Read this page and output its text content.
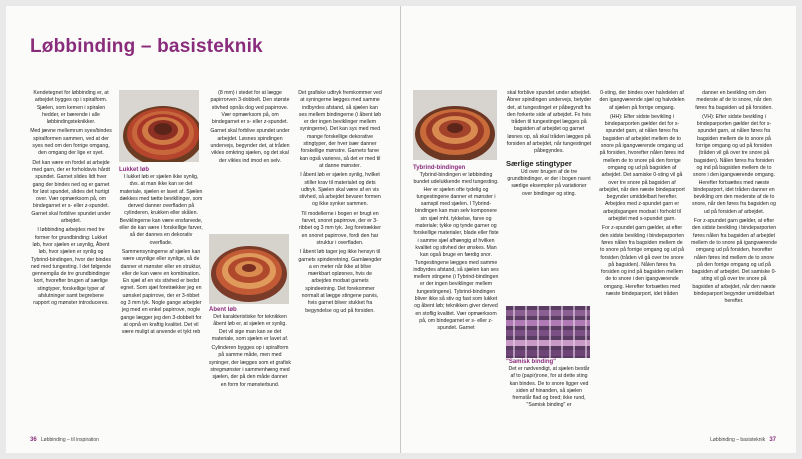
Løbbinding – basisteknik

Kendetegnet for løbbinding er, at arbejdet bygges op i spiralform. Sjælen, som kernen i spiralen hedder, er bærende i alle løbbindingsteknikker.

Med jævne mellemrum syes/bindes spiralformen sammen, ved at der syes ned om den forrige omgang, den omgang der lige er syet.

Det kan være en fordel at arbejde med garn, der er forholdsvis hårdt spundet. Garnet slides lidt hver gang der bindes ned og er garnet for løst spundet, slides det hurtigt over. Vær opmærksom på, om bindegarnet er s- eller z-spundet. Garnet skal forblive spundet under arbejdet.

I løbbinding arbejdes med tre former for grundbinding: Lukket løb, hvor sjælen er usynlig, Åbent løb, hvor sjælen er synlig og Tybrind-bindingen, hvor der bindes ned med tungesting. I det følgende gennemgås de tre grundbindinger kort, hvorefter brugen af særlige stingtyper, forskellige typer af afslutninger samt begrebene rapport og mønster introduceres.

Lukket løb

I lukket løb er sjælen ikke synlig, dvs. at man ikke kan se det materiale, sjælen er lavet af. Sjælen dækkes med tætte bevikllinger, som derved danner overfladen på cylinderen, krukken eller skålen. Beviklingerne kan være ensfarvede, eller de kan være i forskellige farver, så der dannes en dekorativ overflade.

Sammensyningerne af sjælen kan være usynlige eller synlige, så de danner et mønster eller en struktur, eller de kan være en kombination. En sjæl af en vis stivhed er bedst egnet. Som sjæl foretrækker jeg en uønsket papirrove, der er 3-ribbet og 3 mm tyk. Nogle gange arbejder jeg med en enkel papirrove, nogle gange lægger jeg den 3-dobbelt for at opnå en kraftig kvalitet. Det vil være muligt at anvende et tykt reb

(8 mm) i stedet for at lægge papirrorven 3-dobbelt. Den største stivhed opnås dog ved papirrove. Vær opmærksom på, om bindegarnet er s- eller z-spundet.

Garnet skal forblive spundet under arbejdet. Løsnes spindingen undervejs, begynder det, at tråden vikles omkring sjælen, og det skal der vikles ind imod en selv.

Åbent løb

Det karakteristiske for teknikken åbent løb er, at sjælen er synlig. Det vil sige man kan se det materiale, som sjælen er lavet af.

Cylinderen bygges op i spiralform på samme måde, men med syninger, der lægges som et grafisk stregmønster i sammenhæng med sjælen, der på den måde danner en form for mønsterbund.

Det grafiske udtryk fremkommer ved at syningerne lægges med samme indbyrdes afstand, så sjælen kan ses mellem bindingerne (i åbent løb er der ingen beviklinger mellem syningerne). Det kan sys med med mange forskellige dekorative stingtyper, der hver især danner forskellige mønstre. Garnets farve kan også varieres, så det er med til at danne mønster.

I åbent løb er sjælen synlig, hvilket stiller krav til materialet og dets udtryk. Sjælen skal være af en vis stivhed, så arbejdet bevarer formen og ikke synker sammen.

Til modellerne i bogen er brugt en farvet, snoret papirrove, der er 3-ribbet og 3 mm tyk. Jeg foretrækker en snoret papirrove, fordi den har struktur i overfladen.

I åbent løb tager jeg ikke hensyn til garnets spinderetning. Garnlængder a en meter når ikke at blive mærkbart opløsnes, hvis de arbejdes modsat garnets spindeetning. Det forekommer normalt at lægge stingene parvis, hvis garnet bliver stukket fra begyndelse og ud på forsiden.

36 Løbbinding – til inspiration
Tybrind-bindingen

Tybrind-bindingen er løbbinding bundet udelukkende med tungesting. Her er sjælen ofte tydelig og tungestingene danner et mønster i samspil med sjælen. I Tybrind-bindingen kan man selv komponere sin sjæl mht. tykkelse, farve og materiale; tykke og tynde garner og forskellige materialer, blade eller fiste i samme sjæl afhængig af hvilken kvalitet og stivhed der ønskes. Man kan også bruge en færdig snor. Tungestingene lægges med samme indbyrdes afstand, så sjælen kan ses mellem stingene (i Tybrind-bindingen er der ingen beviklinger mellem tungestingene). Tybrind-bindingen bliver ikke så stiv og fast som lukket og åbent løb; teknikken giver derved en stoflig kvalitet. Vær opmærksom på, om bindegarnet er s- eller z-spundet. Garnet

skal forblive spundet under arbejdet. Åbner spindingen undervejs, betyder det, at tungestinget er påbegyndt fra den forkerte side af arbejdet. Fx hvis tråden til tungestinget lægges på bagsiden af arbejdet og garnet løsnes op, så skal tråden lægges på forsiden af arbejdet, når tungestinget påbegyndes.

Særlige stingtyper

Ud over brugen af de tre grundbindinger, er der i bogen navnt særlige eksempler på variationer over bindinger og sting.

"Samisk binding"

Det er nødvendigt, at sjælen består af to (papir)rone, for at dette sting kan bindes. De to snore ligger ved siden af hinanden, så sjælen fremstår flad og bred; ikke rund, "Samisk binding" er

0-sting, der bindes over halvdelen af den igangværende sjæl og halvdelen af sjælen på forrige omgang.

(HH): Efter sidste bevikling i bindeparporten gælder det for s-spundet garn, at nålen føres fra bagsiden af arbejdet mellem de to snore på igangværende omgang ud på forsiden, hvorefter nålen føres ind mellem de to snore på den forrige omgang og ud på bagsiden af arbejdet. Det samiske 0-sting vil gå over tre snore på bagsiden af arbejdet, når den næste bindeparport begynder umiddelbart herefter. Arbejdes med z-spundet garn er arbejdsgangen modsat i forhold til arbejdet med s-spundet garn.

For z-spundet garn gælder, at efter den sidste bevikling i bindeparporten føres nålen fra bagsiden mellem de to snore på forrige omgang og ud på forsiden (tråden vil gå over tre snore på bagsiden). Nålen føres fra forsiden og ind på bagsiden mellem de to snore i den igangværende omgang. Herefter fortsættes med næste bindeparport, idet tråden

danner en bevikling om den mederste af de to snore, når den føres fra bagsiden ud på forsiden.

(VH): Efter sidste bevikling i bindeparporten gælder det for s-spundet garn, at nålen føres fra bagsiden mellem de to snore på forrige omgang og ud på forsiden (tråden vil gå over tre snore på bagsiden). Nålen føres fra forsiden og ind på bagsiden mellem de to snore i den igangværende omgang. Herefter fortsættes med næste bindeparport, idet tråden danner en bevikling om den mederste af de to snore, når den føres fra bagsiden og ud på forsiden af arbejdet.

For z-spundet garn gælder, at efter den sidste bevikling i bindeparporten føres nålen fra bagsiden af arbejdet mellem de to snore på igangværende omgang ud på forsiden, hvorefter nålen føres ind mellem de to snore på den forrige omgang og ud på bagsiden af arbejdet. Det samiske 0-sting vil gå over tre snore på bagsiden af arbejdet, når den næste bindeparport begynder umiddelbart herefter.

Løbbinding – basisteknik 37
